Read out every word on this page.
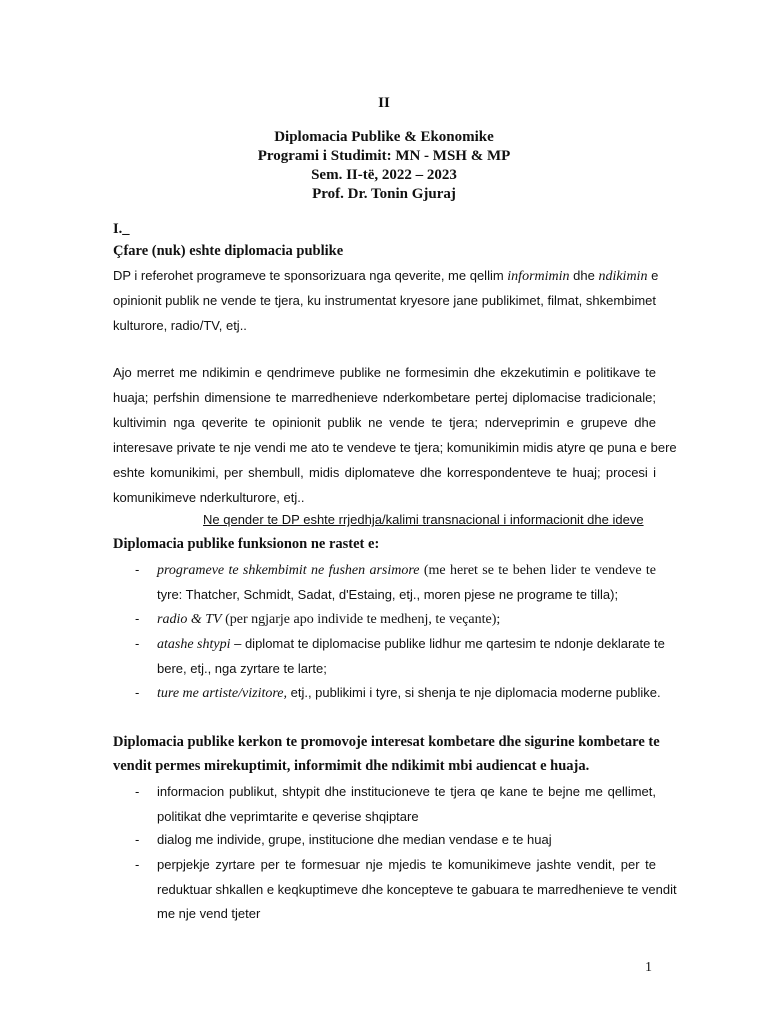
II
Diplomacia Publike & Ekonomike
Programi i Studimit: MN - MSH & MP
Sem. II-të, 2022 – 2023
Prof. Dr. Tonin Gjuraj
I._
Çfare (nuk) eshte diplomacia publike
DP i referohet programeve te sponsorizuara nga qeverite, me qellim informimin dhe ndikimin e
opinionit publik ne vende te tjera, ku instrumentat kryesore jane publikimet, filmat, shkembimet
kulturore, radio/TV, etj..
Ajo merret me ndikimin e qendrimeve publike ne formesimin dhe ekzekutimin e politikave te
huaja; perfshin dimensione te marredhenieve nderkombetare pertej diplomacise tradicionale;
kultivimin nga qeverite te opinionit publik ne vende te tjera; nderveprimin e grupeve dhe
interesave private te nje vendi me ato te vendeve te tjera; komunikimin midis atyre qe puna e bere
eshte komunikimi, per shembull, midis diplomateve dhe korrespondenteve te huaj; procesi i
komunikimeve nderkulturore, etj..
Ne qender te DP eshte rrjedhja/kalimi transnacional i informacionit dhe ideve
Diplomacia publike funksionon ne rastet e:
- programeve te shkembimit ne fushen arsimore (me heret se te behen lider te vendeve te
tyre: Thatcher, Schmidt, Sadat, d'Estaing, etj., moren pjese ne programe te tilla);
- radio & TV (per ngjarje apo individe te medhenj, te veçante);
- atashe shtypi – diplomat te diplomacise publike lidhur me qartesim te ndonje deklarate te
bere, etj., nga zyrtare te larte;
- ture me artiste/vizitore, etj., publikimi i tyre, si shenja te nje diplomacia moderne publike.
Diplomacia publike kerkon te promovoje interesat kombetare dhe sigurine kombetare te
vendit permes mirekuptimit, informimit dhe ndikimit mbi audiencat e huaja.
- informacion publikut, shtypit dhe institucioneve te tjera qe kane te bejne me qellimet,
politikat dhe veprimtarite e qeverise shqiptare
- dialog me individe, grupe, institucione dhe median vendase e te huaj
- perpjekje zyrtare per te formesuar nje mjedis te komunikimeve jashte vendit, per te
reduktuar shkallen e keqkuptimeve dhe koncepteve te gabuara te marredhenieve te vendit
me nje vend tjeter
1
